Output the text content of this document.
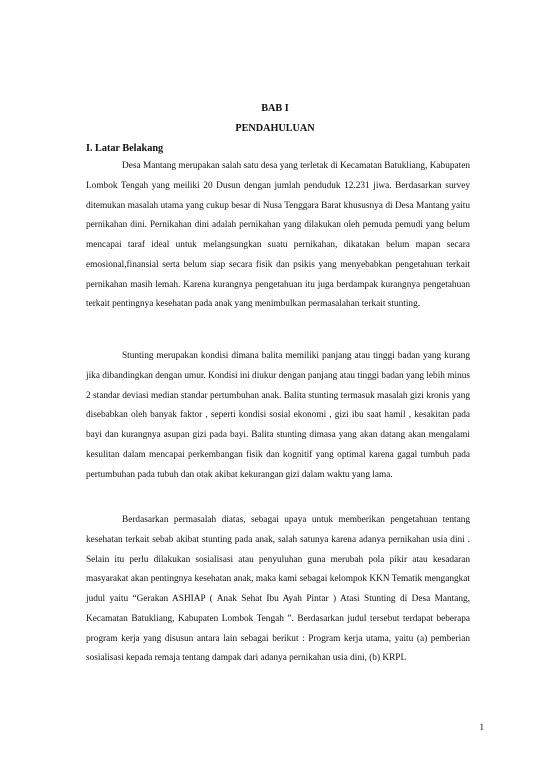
BAB I
PENDAHULUAN
I. Latar Belakang

Desa Mantang merupakan salah satu desa yang terletak di Kecamatan Batukliang, Kabupaten Lombok Tengah yang meiliki 20 Dusun dengan jumlah penduduk 12.231 jiwa. Berdasarkan survey ditemukan masalah utama yang cukup besar di Nusa Tenggara Barat khususnya di Desa Mantang yaitu pernikahan dini. Pernikahan dini adalah pernikahan yang dilakukan oleh pemuda pemudi yang belum mencapai taraf ideal untuk melangsungkan suatu pernikahan, dikatakan belum mapan secara emosional,finansial serta belum siap secara fisik dan psikis yang menyebabkan pengetahuan terkait pernikahan masih lemah. Karena kurangnya pengetahuan itu juga berdampak kurangnya pengetahuan terkait pentingnya kesehatan pada anak yang menimbulkan permasalahan terkait stunting.

Stunting merupakan kondisi dimana balita memiliki panjang atau tinggi badan yang kurang jika dibandingkan dengan umur. Kondisi ini diukur dengan panjang atau tinggi badan yang lebih minus 2 standar deviasi median standar pertumbuhan anak. Balita stunting termasuk masalah gizi kronis yang disebabkan oleh banyak faktor , seperti kondisi sosial ekonomi , gizi ibu saat hamil , kesakitan pada bayi dan kurangnya asupan gizi pada bayi. Balita stunting dimasa yang akan datang akan mengalami kesulitan dalam mencapai perkembangan fisik dan kognitif yang optimal karena gagal tumbuh pada pertumbuhan pada tubuh dan otak akibat kekurangan gizi dalam waktu yang lama.

Berdasarkan permasalah diatas, sebagai upaya untuk memberikan pengetahuan tentang kesehatan terkait sebab akibat stunting pada anak, salah satunya karena adanya pernikahan usia dini . Selain itu perlu dilakukan sosialisasi atau penyuluhan guna merubah pola pikir atau kesadaran masyarakat akan pentingnya kesehatan anak, maka kami sebagai kelompok KKN Tematik mengangkat judul yaitu “Gerakan ASHIAP ( Anak Sehat Ibu Ayah Pintar ) Atasi Stunting di Desa Mantang, Kecamatan Batukliang, Kabupaten Lombok Tengah ”. Berdasarkan judul tersebut terdapat beberapa program kerja yang disusun antara lain sebagai berikut : Program kerja utama, yaitu (a) pemberian sosialisasi kepada remaja tentang dampak dari adanya pernikahan usia dini, (b) KRPL

1
